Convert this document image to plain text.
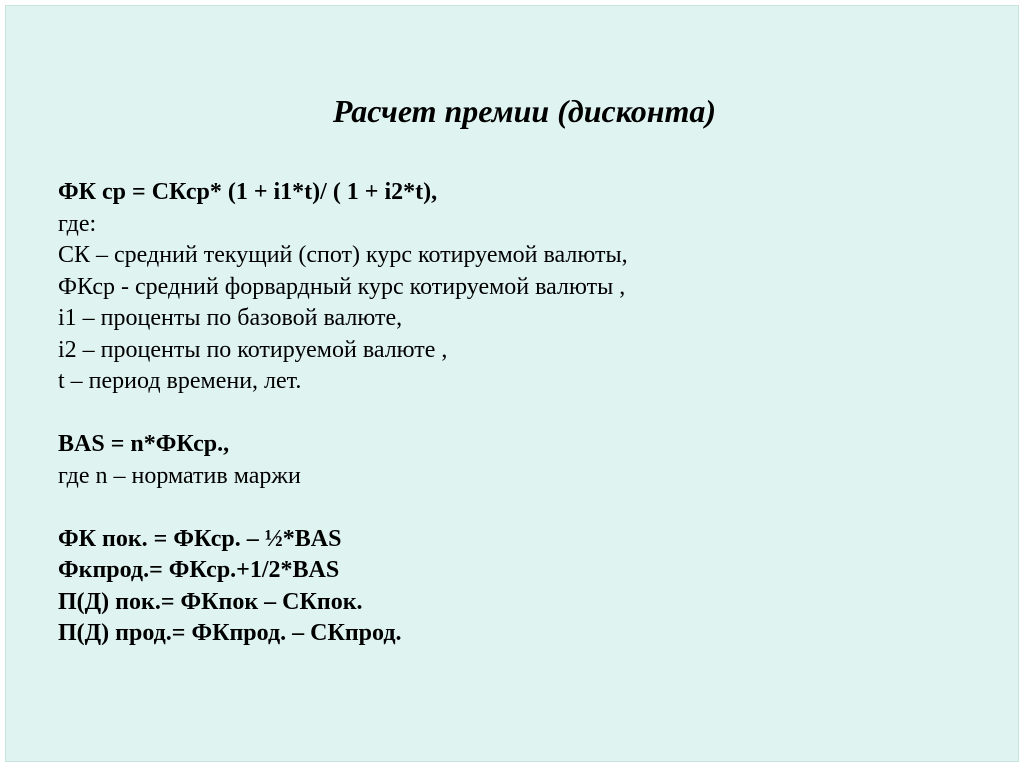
Расчет премии (дисконта)
ФК ср = СКср* (1 + i1*t)/ ( 1 + i2*t),
где:
СК – средний текущий (спот) курс котируемой валюты,
ФКср - средний форвардный курс котируемой валюты ,
i1 – проценты по базовой валюте,
i2 – проценты по котируемой валюте ,
t – период времени, лет.
BAS = n*ФКср.,
где n – норматив маржи
ФК пок. = ФКср. – ½*BAS
Фкпрод.= ФКср.+1/2*BAS
П(Д) пок.= ФКпок – СКпок.
П(Д) прод.= ФКпрод. – СКпрод.
